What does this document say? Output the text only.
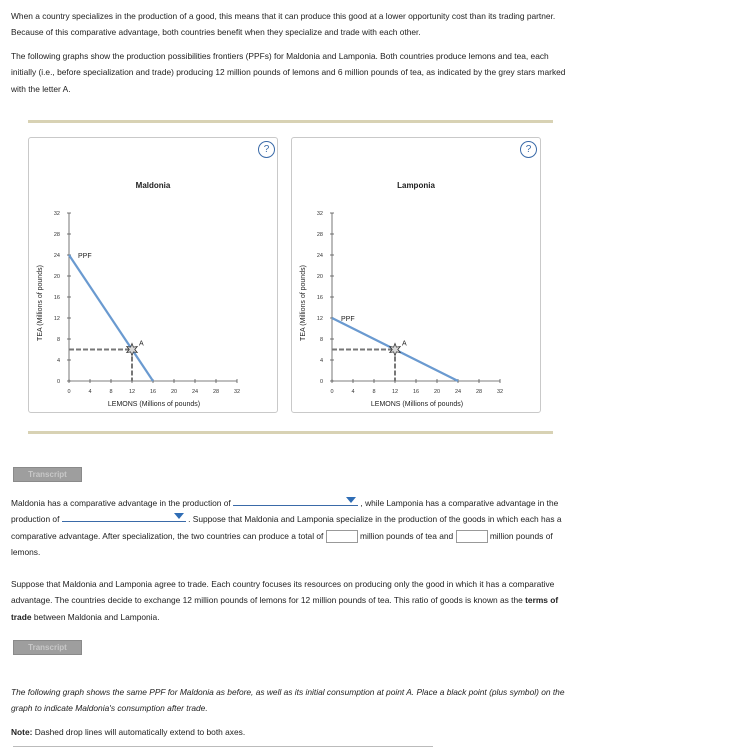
When a country specializes in the production of a good, this means that it can produce this good at a lower opportunity cost than its trading partner.
Because of this comparative advantage, both countries benefit when they specialize and trade with each other.

The following graphs show the production possibilities frontiers (PPFs) for Maldonia and Lamponia. Both countries produce lemons and tea, each
initially (i.e., before specialization and trade) producing 12 million pounds of lemons and 6 million pounds of tea, as indicated by the grey stars marked
with the letter A.

Maldonia
0
4
8
12
16
20
24
28
32
0	4	8	12	16	20	24	28	32
LEMONS (Millions of pounds)
TEA (Millions of pounds)
PPF
A
?
Lamponia
0
4
8
12
16
20
24
28
32
0	4	8	12	16	20	24	28	32
LEMONS (Millions of pounds)
TEA (Millions of pounds)	PPF
A
?
Transcript

Maldonia has a comparative advantage in the production of	, while Lamponia has a comparative advantage in the
production of	. Suppose that Maldonia and Lamponia specialize in the production of the goods in which each has a
comparative advantage. After specialization, the two countries can produce a total of	million pounds of tea and	million pounds of
lemons.

Suppose that Maldonia and Lamponia agree to trade. Each country focuses its resources on producing only the good in which it has a comparative
advantage. The countries decide to exchange 12 million pounds of lemons for 12 million pounds of tea. This ratio of goods is known as the terms of
trade between Maldonia and Lamponia.

Transcript

The following graph shows the same PPF for Maldonia as before, as well as its initial consumption at point A. Place a black point (plus symbol) on the
graph to indicate Maldonia's consumption after trade.

Note: Dashed drop lines will automatically extend to both axes.
